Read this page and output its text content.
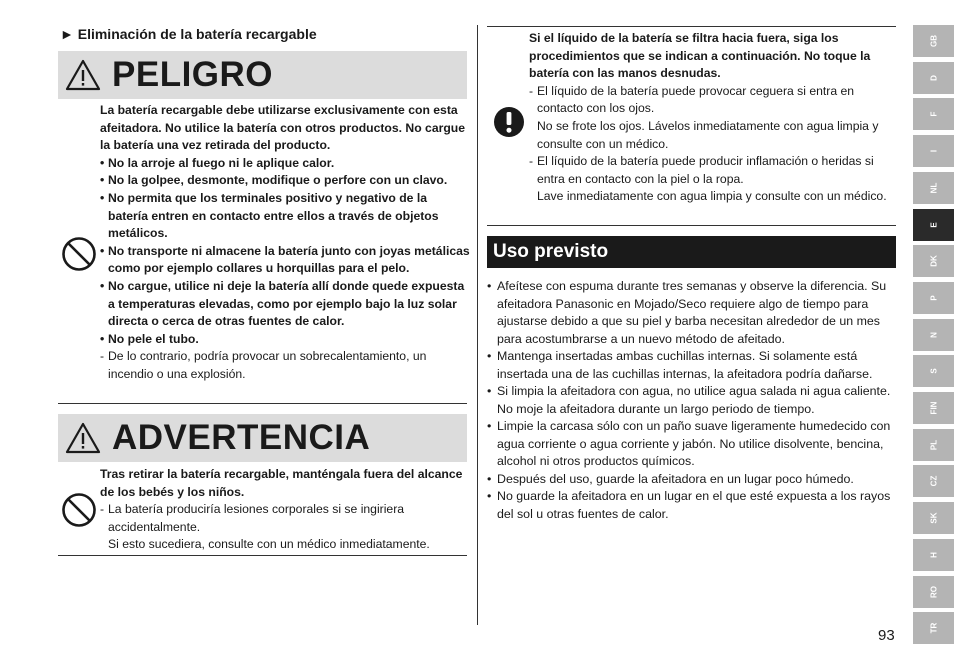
► Eliminación de la batería recargable
PELIGRO
La batería recargable debe utilizarse exclusivamente con esta afeitadora. No utilice la batería con otros productos. No cargue la batería una vez retirada del producto.
• No la arroje al fuego ni le aplique calor.
• No la golpee, desmonte, modifique o perfore con un clavo.
• No permita que los terminales positivo y negativo de la batería entren en contacto entre ellos a través de objetos metálicos.
• No transporte ni almacene la batería junto con joyas metálicas como por ejemplo collares u horquillas para el pelo.
• No cargue, utilice ni deje la batería allí donde quede expuesta a temperaturas elevadas, como por ejemplo bajo la luz solar directa o cerca de otras fuentes de calor.
• No pele el tubo.
- De lo contrario, podría provocar un sobrecalentamiento, un incendio o una explosión.
ADVERTENCIA
Tras retirar la batería recargable, manténgala fuera del alcance de los bebés y los niños.
- La batería produciría lesiones corporales si se ingiriera accidentalmente.
Si esto sucediera, consulte con un médico inmediatamente.
Si el líquido de la batería se filtra hacia fuera, siga los procedimientos que se indican a continuación. No toque la batería con las manos desnudas.
- El líquido de la batería puede provocar ceguera si entra en contacto con los ojos.
No se frote los ojos. Lávelos inmediatamente con agua limpia y consulte con un médico.
- El líquido de la batería puede producir inflamación o heridas si entra en contacto con la piel o la ropa.
Lave inmediatamente con agua limpia y consulte con un médico.
Uso previsto
• Afeítese con espuma durante tres semanas y observe la diferencia. Su afeitadora Panasonic en Mojado/Seco requiere algo de tiempo para ajustarse debido a que su piel y barba necesitan alrededor de un mes para acostumbrarse a un nuevo método de afeitado.
• Mantenga insertadas ambas cuchillas internas. Si solamente está insertada una de las cuchillas internas, la afeitadora podría dañarse.
• Si limpia la afeitadora con agua, no utilice agua salada ni agua caliente. No moje la afeitadora durante un largo periodo de tiempo.
• Limpie la carcasa sólo con un paño suave ligeramente humedecido con agua corriente o agua corriente y jabón. No utilice disolvente, bencina, alcohol ni otros productos químicos.
• Después del uso, guarde la afeitadora en un lugar poco húmedo.
• No guarde la afeitadora en un lugar en el que esté expuesta a los rayos del sol u otras fuentes de calor.
GB
D
F
I
NL
E
DK
P
N
S
FIN
PL
CZ
SK
H
RO
TR
93
